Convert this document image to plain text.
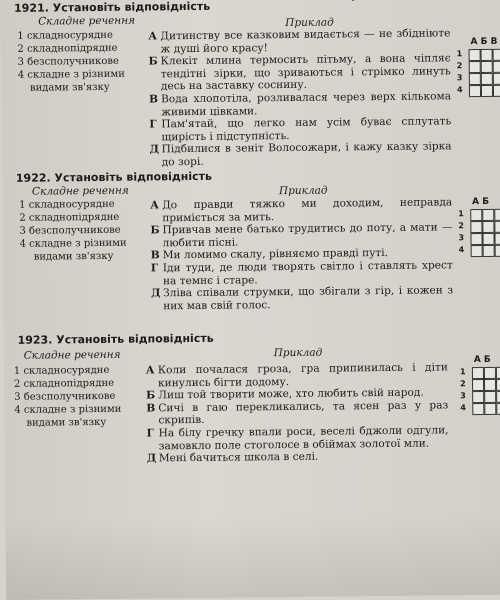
1921. Установіть відповідність
Складне речення
1 складносурядне
2 складнопідрядне
3 безсполучникове
4 складне з різними
видами зв'язку
Приклад
А Дитинству все казковим видається — не збідніюте ж душі його красу!
Б Клекіт млина термосить пітьму, а вона чіпляє тендітні зірки, що зриваються і стрімко линуть десь на заставку соснину.
В Вода хлопотіла, розливалася через верх кількома живими цівками.
Г Пам'ятай, що легко нам усім буває сплутать щирість і підступність.
Д Підбилися в зеніт Волосожари, і кажу казку зірка до зорі.
А Б В
1
2
3
4
1922. Установіть відповідність
Складне речення
1 складносурядне
2 складнопідрядне
3 безсполучникове
4 складне з різними
видами зв'язку
Приклад
А До правди тяжко ми доходим, неправда приміється за мить.
Б Привчав мене батько трудитись до поту, а мати — любити пісні.
В Ми ломимо скалу, рівняємо правді путі.
Г Іди туди, де люди творять світло і ставлять хрест на темнє і старе.
Д Зліва співали струмки, що збігали з гір, і кожен з них мав свій голос.
А Б
1
2
3
4
1923. Установіть відповідність
Складне речення
1 складносурядне
2 складнопідрядне
3 безсполучникове
4 складне з різними
видами зв'язку
Приклад
А Коли почалася гроза, гра припинилась і діти кинулись бігти додому.
Б Лиш той творити може, хто любить свій народ.
В Сичі в гаю перекликались, та ясен раз у раз скрипів.
Г На білу гречку впали роси, веселі бджоли одгули, замовкло поле стоголосе в обіймах золотої мли.
Д Мені бачиться школа в селі.
А Б
1
2
3
4
